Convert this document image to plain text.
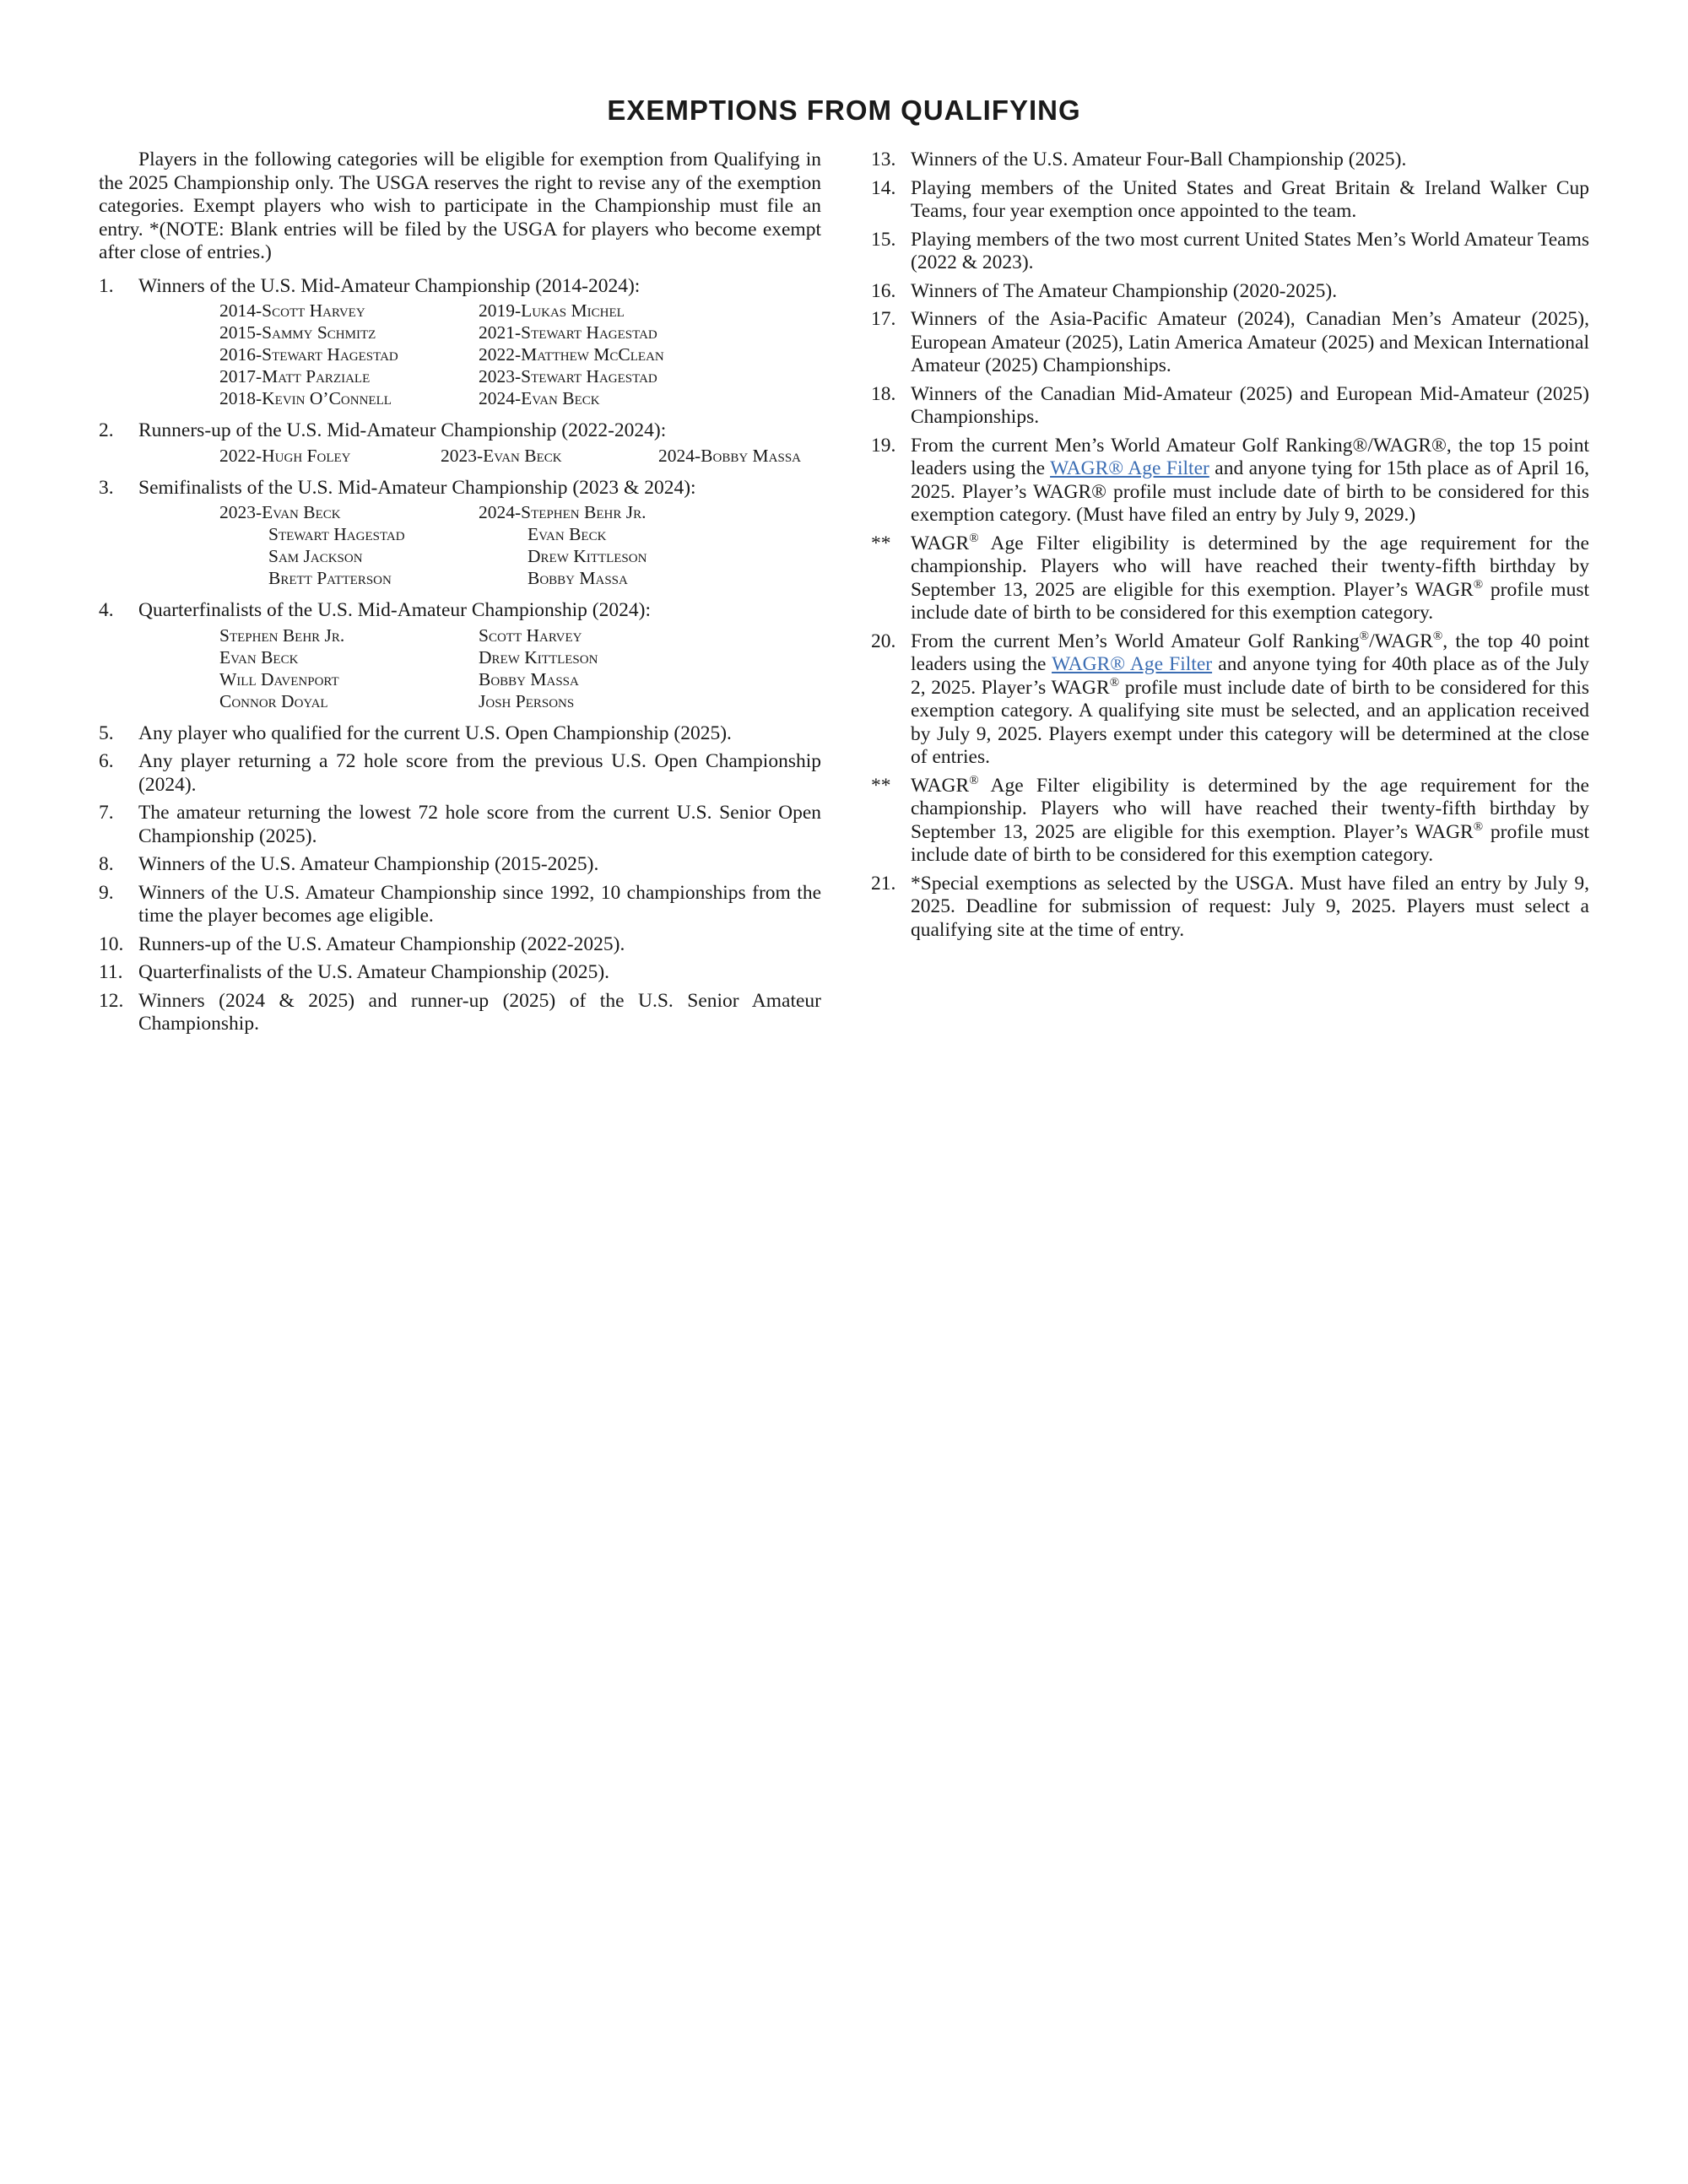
EXEMPTIONS FROM QUALIFYING

Players in the following categories will be eligible for exemption from Qualifying in the 2025 Championship only. The USGA reserves the right to revise any of the exemption categories. Exempt players who wish to participate in the Championship must file an entry. *(NOTE: Blank entries will be filed by the USGA for players who become exempt after close of entries.)

1.	Winners of the U.S. Mid-Amateur Championship (2014-2024):
2014-Scott Harvey	2019-Lukas Michel
2015-Sammy Schmitz	2021-Stewart Hagestad
2016-Stewart Hagestad	2022-Matthew McClean
2017-Matt Parziale	2023-Stewart Hagestad
2018-Kevin O’Connell	2024-Evan Beck
2.	Runners-up of the U.S. Mid-Amateur Championship (2022-2024):
2022-Hugh Foley	2023-Evan Beck	2024-Bobby Massa
3.	Semifinalists of the U.S. Mid-Amateur Championship (2023 & 2024):
2023-Evan Beck	2024-Stephen Behr Jr.
Stewart Hagestad	Evan Beck
Sam Jackson	Drew Kittleson
Brett Patterson	Bobby Massa
4.	Quarterfinalists of the U.S. Mid-Amateur Championship (2024):
Stephen Behr Jr.	Scott Harvey
Evan Beck	Drew Kittleson
Will Davenport	Bobby Massa
Connor Doyal	Josh Persons
5.	Any player who qualified for the current U.S. Open Championship (2025).
6.	Any player returning a 72 hole score from the previous U.S. Open Championship (2024).
7.	The amateur returning the lowest 72 hole score from the current U.S. Senior Open Championship (2025).
8.	Winners of the U.S. Amateur Championship (2015-2025).
9.	Winners of the U.S. Amateur Championship since 1992, 10 championships from the time the player becomes age eligible.
10. Runners-up of the U.S. Amateur Championship (2022-2025).
11. Quarterfinalists of the U.S. Amateur Championship (2025).
12. Winners (2024 & 2025) and runner-up (2025) of the U.S. Senior Amateur Championship.
13. Winners of the U.S. Amateur Four-Ball Championship (2025).
14. Playing members of the United States and Great Britain & Ireland Walker Cup Teams, four year exemption once appointed to the team.
15. Playing members of the two most current United States Men’s World Amateur Teams (2022 & 2023).
16. Winners of The Amateur Championship (2020-2025).
17. Winners of the Asia-Pacific Amateur (2024), Canadian Men’s Amateur (2025), European Amateur (2025), Latin America Amateur (2025) and Mexican International Amateur (2025) Championships.
18. Winners of the Canadian Mid-Amateur (2025) and European Mid-Amateur (2025) Championships.
19. From the current Men’s World Amateur Golf Ranking®/WAGR®, the top 15 point leaders using the WAGR® Age Filter and anyone tying for 15th place as of April 16, 2025. Player’s WAGR® profile must include date of birth to be considered for this exemption category. (Must have filed an entry by July 9, 2029.)
**	WAGR® Age Filter eligibility is determined by the age requirement for the championship. Players who will have reached their twenty-fifth birthday by September 13, 2025 are eligible for this exemption. Player’s WAGR® profile must include date of birth to be considered for this exemption category.
20. From the current Men’s World Amateur Golf Ranking®/WAGR®, the top 40 point leaders using the WAGR® Age Filter and anyone tying for 40th place as of the July 2, 2025. Player’s WAGR® profile must include date of birth to be considered for this exemption category. A qualifying site must be selected, and an application received by July 9, 2025. Players exempt under this category will be determined at the close of entries.
**	WAGR® Age Filter eligibility is determined by the age requirement for the championship. Players who will have reached their twenty-fifth birthday by September 13, 2025 are eligible for this exemption. Player’s WAGR® profile must include date of birth to be considered for this exemption category.
21. *Special exemptions as selected by the USGA. Must have filed an entry by July 9, 2025. Deadline for submission of request: July 9, 2025. Players must select a qualifying site at the time of entry.
